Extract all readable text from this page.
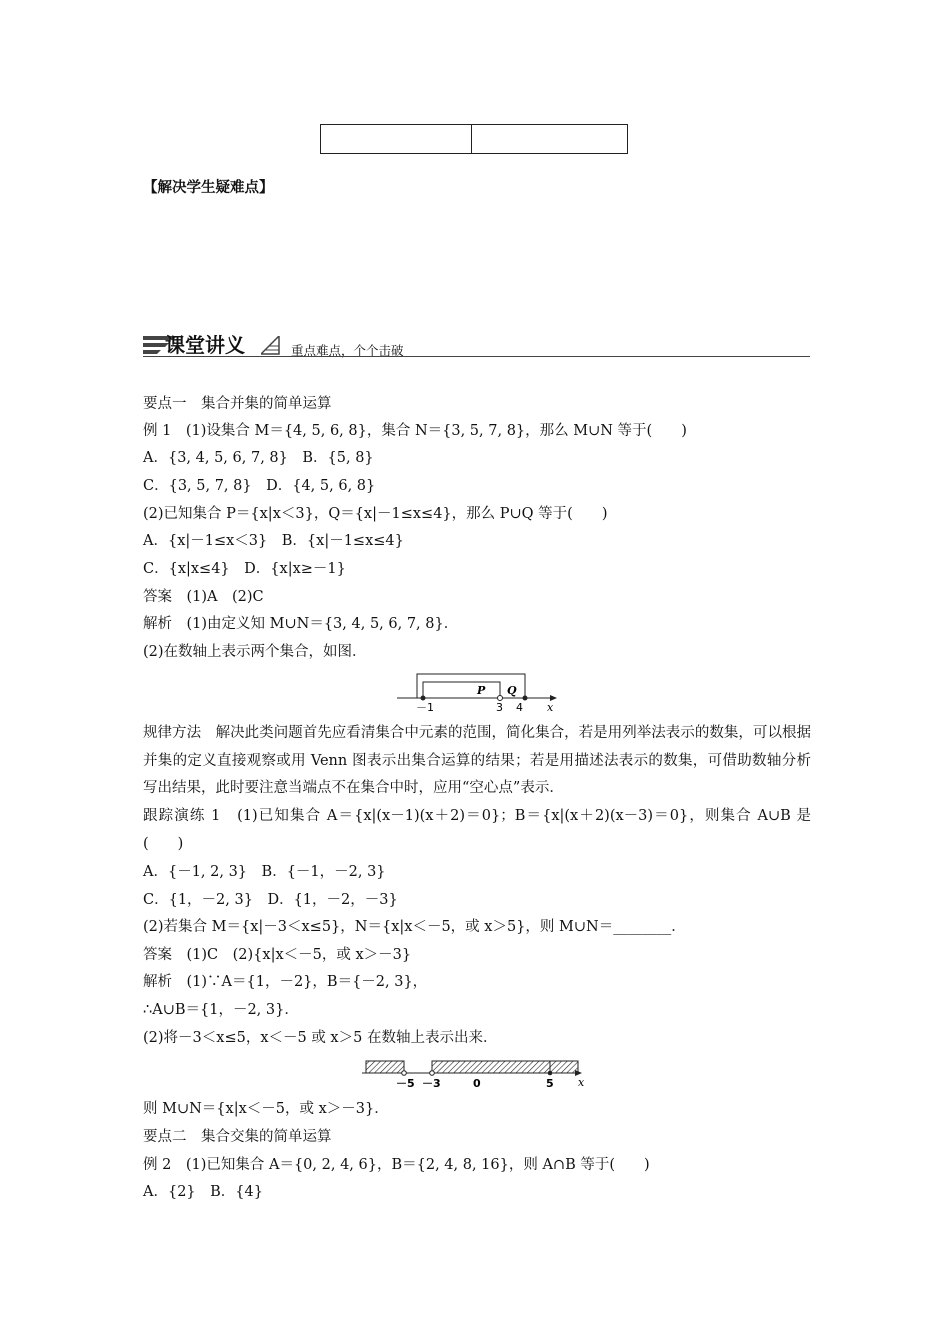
【解决学生疑难点】
课堂讲义	重点难点，个个击破
要点一　集合并集的简单运算
例 1　(1)设集合 M＝{4, 5, 6, 8}，集合 N＝{3, 5, 7, 8}，那么 M∪N 等于(　　)
A．{3, 4, 5, 6, 7, 8}　B．{5, 8}
C．{3, 5, 7, 8}　D．{4, 5, 6, 8}
(2)已知集合 P＝{x|x＜3}，Q＝{x|－1≤x≤4}，那么 P∪Q 等于(　　)
A．{x|－1≤x＜3}　B．{x|－1≤x≤4}
C．{x|x≤4}　D．{x|x≥－1}
答案　(1)A　(2)C
解析　(1)由定义知 M∪N＝{3, 4, 5, 6, 7, 8}．
(2)在数轴上表示两个集合，如图．
P Q
－1	3 4 x
规律方法　解决此类问题首先应看清集合中元素的范围，简化集合，若是用列举法表示的数集，可以根据并集的定义直接观察或用 Venn 图表示出集合运算的结果；若是用描述法表示的数集，可借助数轴分析写出结果，此时要注意当端点不在集合中时，应用“空心点”表示．
跟踪演练 1　(1)已知集合 A＝{x|(x－1)(x＋2)＝0}；B＝{x|(x＋2)(x－3)＝0}，则集合 A∪B 是(　　)
A．{－1, 2, 3}　B．{－1，－2, 3}
C．{1，－2, 3}　D．{1，－2，－3}
(2)若集合 M＝{x|－3＜x≤5}，N＝{x|x＜－5，或 x＞5}，则 M∪N＝________．
答案　(1)C　(2){x|x＜－5，或 x＞－3}
解析　(1)∵A＝{1，－2}，B＝{－2, 3}，
∴A∪B＝{1，－2, 3}．
(2)将－3＜x≤5，x＜－5 或 x＞5 在数轴上表示出来．
－5 －3	0	5 x
则 M∪N＝{x|x＜－5，或 x＞－3}．
要点二　集合交集的简单运算
例 2　(1)已知集合 A＝{0, 2, 4, 6}，B＝{2, 4, 8, 16}，则 A∩B 等于(　　)
A．{2}　B．{4}
